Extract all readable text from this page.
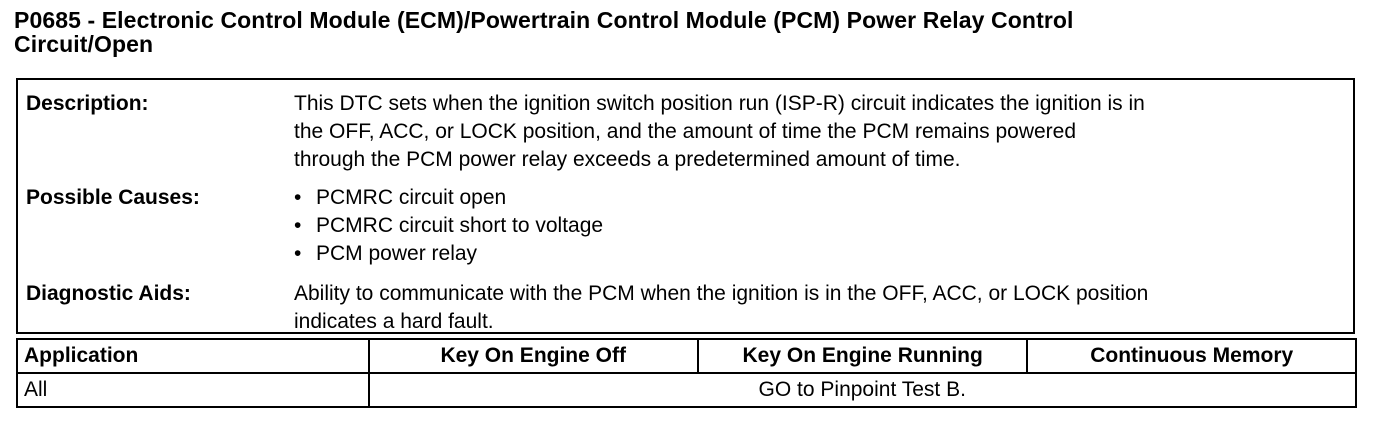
P0685 - Electronic Control Module (ECM)/Powertrain Control Module (PCM) Power Relay Control
Circuit/Open
Description:	This DTC sets when the ignition switch position run (ISP-R) circuit indicates the ignition is in
the OFF, ACC, or LOCK position, and the amount of time the PCM remains powered
through the PCM power relay exceeds a predetermined amount of time.
Possible Causes:	• PCMRC circuit open
• PCMRC circuit short to voltage
• PCM power relay
Diagnostic Aids:	Ability to communicate with the PCM when the ignition is in the OFF, ACC, or LOCK position
indicates a hard fault.
Application	Key On Engine Off	Key On Engine Running	Continuous Memory
All	GO to Pinpoint Test B.		
